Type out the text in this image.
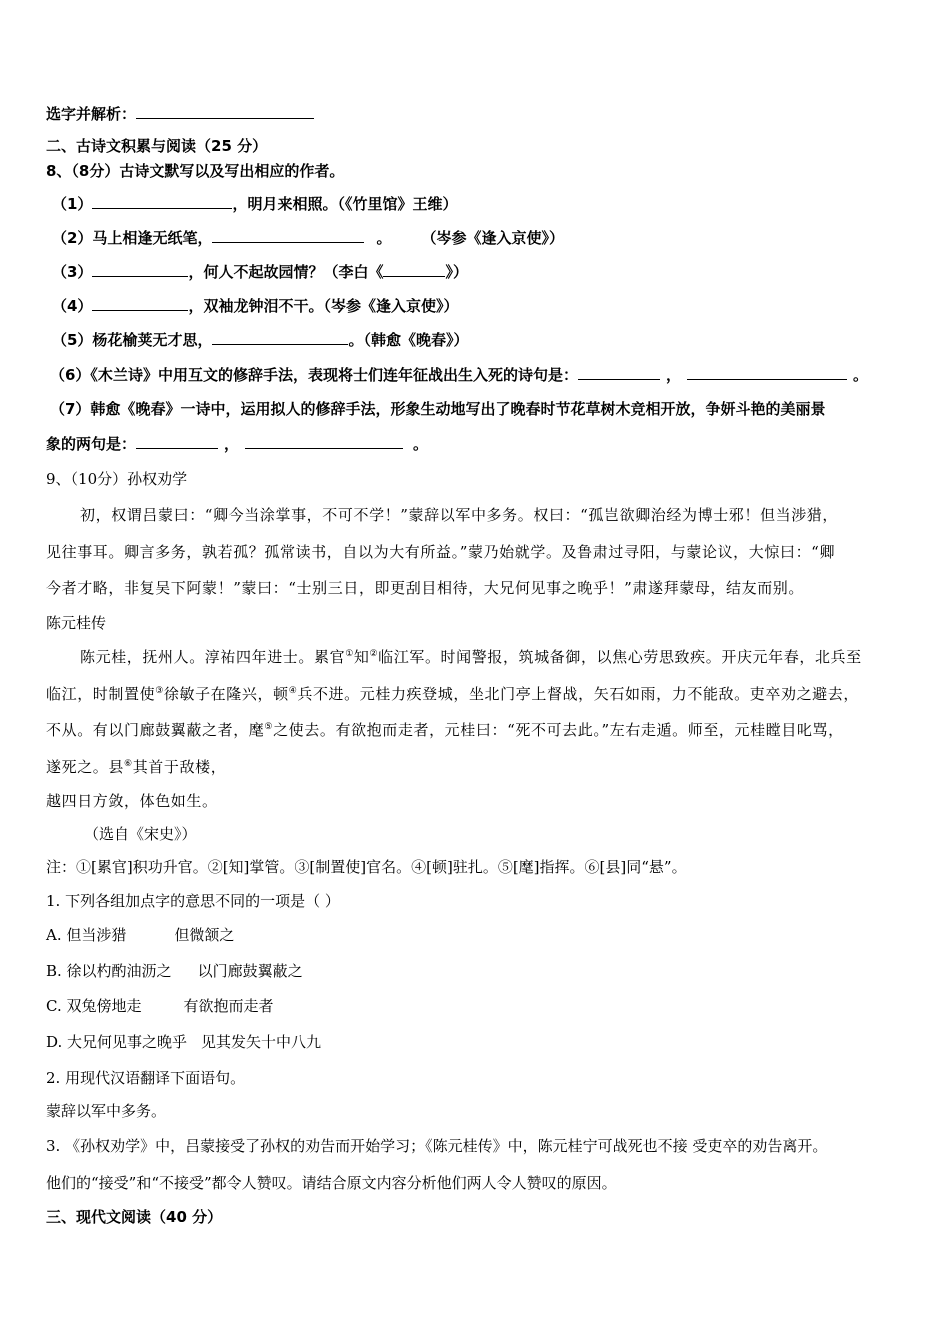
选字并解析：
二、古诗文积累与阅读（25 分）
8、（8分）古诗文默写以及写出相应的作者。
（1）	，明月来相照。（《竹里馆》王维）
（2）马上相逢无纸笔，	。 （岑参《逢入京使》）
（3）	，何人不起故园情？（李白《	》）
（4）	，双袖龙钟泪不干。（岑参《逢入京使》）
（5）杨花榆荚无才思，	。（韩愈《晚春》）
（6）《木兰诗》中用互文的修辞手法，表现将士们连年征战出生入死的诗句是：	，	。
（7）韩愈《晚春》一诗中，运用拟人的修辞手法，形象生动地写出了晚春时节花草树木竞相开放，争妍斗艳的美丽景
象的两句是：	，	。
9、（10分）孙权劝学
初，权谓吕蒙曰：“卿今当涂掌事，不可不学！”蒙辞以军中多务。权曰：“孤岂欲卿治经为博士邪！但当涉猎，
见往事耳。卿言多务，孰若孤？孤常读书，自以为大有所益。”蒙乃始就学。及鲁肃过寻阳，与蒙论议，大惊曰：“卿
今者才略，非复吴下阿蒙！”蒙曰：“士别三日，即更刮目相待，大兄何见事之晚乎！”肃遂拜蒙母，结友而别。
陈元桂传
陈元桂，抚州人。淳祐四年进士。累官①知②临江军。时闻警报，筑城备御，以焦心劳思致疾。开庆元年春，北兵至
临江，时制置使③徐敏子在隆兴，顿④兵不进。元桂力疾登城，坐北门亭上督战，矢石如雨，力不能敌。吏卒劝之避去，
不从。有以门廊鼓翼蔽之者，麾⑤之使去。有欲抱而走者，元桂曰：“死不可去此。”左右走遁。师至，元桂瞠目叱骂，
遂死之。县⑥其首于敌楼，
越四日方敛，体色如生。
（选自《宋史》）
注：①[累官]积功升官。②[知]掌管。③[制置使]官名。④[顿]驻扎。⑤[麾]指挥。⑥[县]同“悬”。
1. 下列各组加点字的意思不同的一项是（ ）
A. 但当涉猎	但微颔之
B. 徐以杓酌油沥之 以门廊鼓翼蔽之
C. 双兔傍地走	有欲抱而走者
D. 大兄何见事之晚乎 见其发矢十中八九
2. 用现代汉语翻译下面语句。
蒙辞以军中多务。
3. 《孙权劝学》中，吕蒙接受了孙权的劝告而开始学习；《陈元桂传》中，陈元桂宁可战死也不接 受吏卒的劝告离开。
他们的“接受”和“不接受”都令人赞叹。请结合原文内容分析他们两人令人赞叹的原因。
三、现代文阅读（40 分）
